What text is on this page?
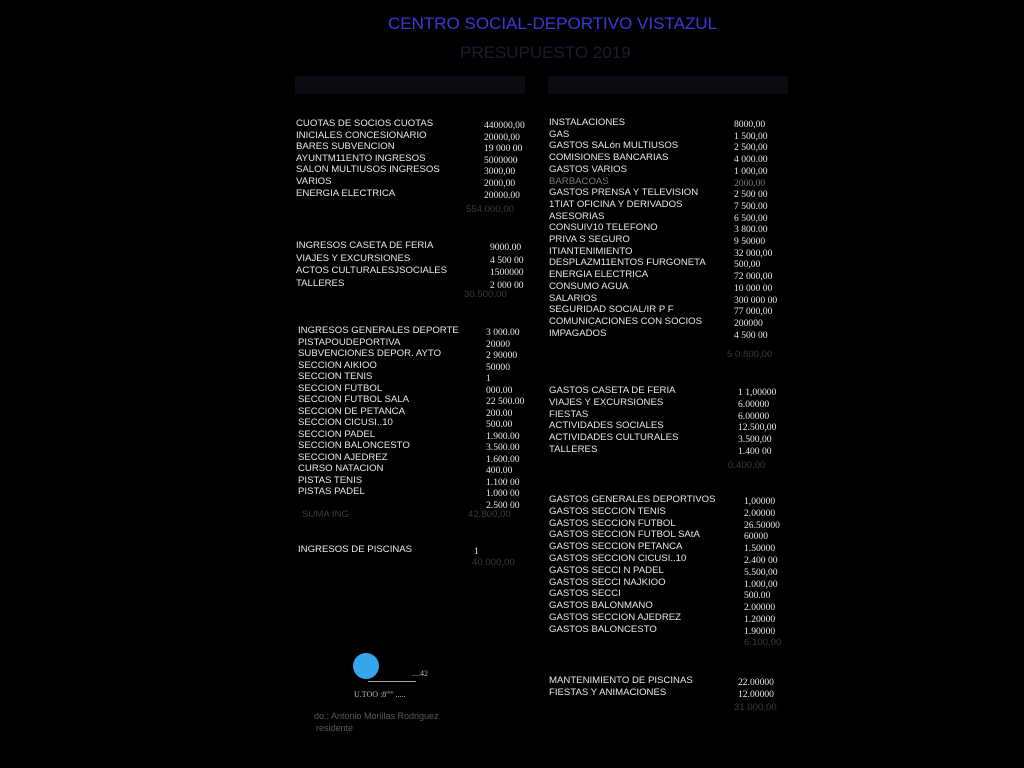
CENTRO SOCIAL-DEPORTIVO VISTAZUL
PRESUPUESTO 2019
CUOTAS DE SOCIOS CUOTAS	440000,00
INICIALES CONCESIONARIO	20000,00
BARES SUBVENCION	19 000 00
AYUNTM11ENTO INGRESOS	5000000
SALON MULTIUSOS INGRESOS	3000,00
VARIOS	2000,00
ENERGIA ELECTRICA	20000.00
554.000,00
INGRESOS CASETA DE FERIA	9000.00
VIAJES Y EXCURSIONES	4 500 00
ACTOS CULTURALESJSOCIALES	1500000
TALLERES	2 000 00
30.500,00
INGRESOS GENERALES DEPORTE	3 000.00
PISTAPOUDEPORTIVA	20000
SUBVENCIONES DEPOR. AYTO	2 90000
SECCION AIKIOO	50000
SECCION TENIS	1
SECCION FUTBOL	000.00
SECCION FUTBOL SALA	22 500.00
SECCION DE PETANCA	200.00
SECCION CICUSI..10	500.00
SECCION PADEL	1.900.00
SECCION BALONCESTO	3.500.00
SECCION AJEDREZ	1.600.00
CURSO NATACION	400.00
PISTAS TENIS	1.100 00
PISTAS PADEL	1.000 00
2.500 00
SUMA ING	42.800,00
INGRESOS DE PISCINAS	1
40.000,00
INSTALACIONES	8000,00
GAS	1 500,00
GASTOS SALón MULTIUSOS	2 500,00
COMISIONES BANCARIAS	4 000.00
GASTOS VARIOS	1 000,00
BARBACOAS	2000.00
GASTOS PRENSA Y TELEVISION	2 500 00
1TIAT OFICINA Y DERIVADOS	7 500.00
ASESORIAS	6 500,00
CONSUIV10 TELEFONO	3 800.00
PRIVA S SEGURO	9 50000
ITIANTENIMIENTO	32 000,00
DESPLAZM11ENTOS FURGONETA	500,00
ENERGIA ELECTRICA	72 000,00
CONSUMO AGUA	10 000 00
SALARIOS	300 000 00
SEGURIDAD SOCIAL/IR P F	77 000,00
COMUNICACIONES CON SOCIOS	200000
IMPAGADOS	4 500 00
5 0.800,00
GASTOS CASETA DE FERIA	1 1,00000
VIAJES Y EXCURSIONES	6.00000
FIESTAS	6.00000
ACTIVIDADES SOCIALES	12.500,00
ACTIVIDADES CULTURALES	3.500,00
TALLERES	1.400 00
0.400,00
GASTOS GENERALES DEPORTIVOS	1,00000
GASTOS SECCION TENIS	2.00000
GASTOS SECCION FUTBOL	26.50000
GASTOS SECCION FUTBOL SAtA	60000
GASTOS SECCION PETANCA	1.50000
GASTOS SECCION CICUSI..10	2.400 00
GASTOS SECCI N PADEL	5.500,00
GASTOS SECCI NAJKIOO	1.000,00
GASTOS SECCI	500.00
GASTOS BALONMANO	2.00000
GASTOS SECCION AJEDREZ	1.20000
GASTOS BALONCESTO	1.90000
6.100,00
MANTENIMIENTO DE PISCINAS	22.00000
FIESTAS Y ANIMACIONES	12.00000
31.000,00
....42
U.TOO :8''''' .....
do.: Antonio Morillas Rodriguez
residente
